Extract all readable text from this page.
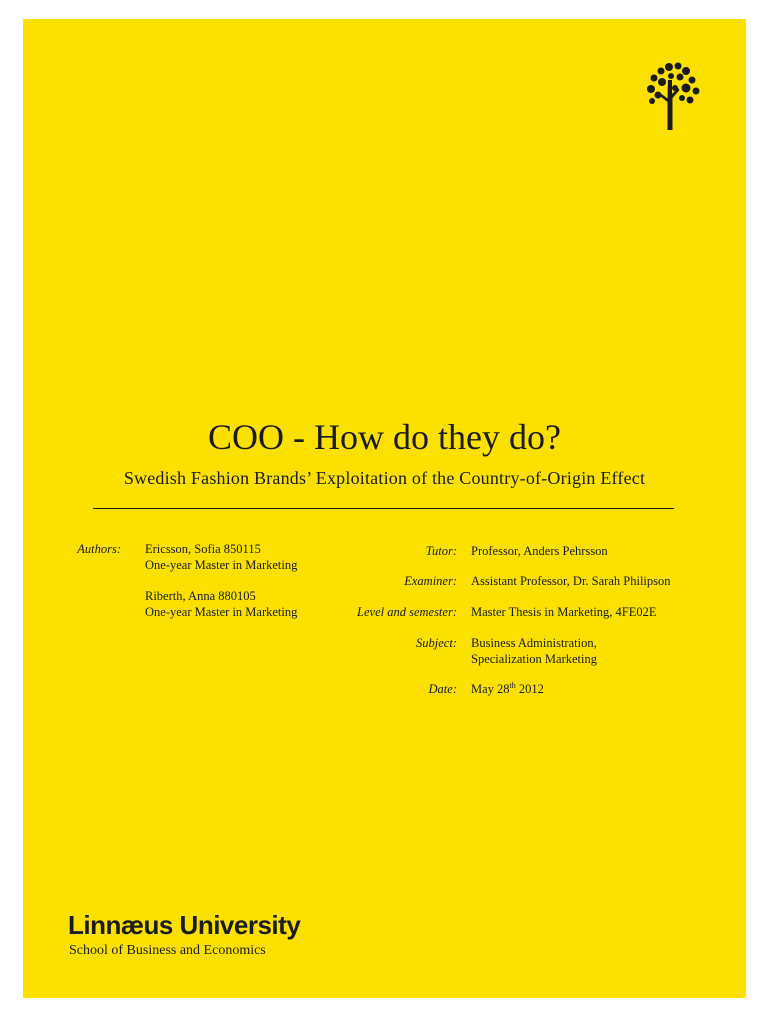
COO - How do they do?

Swedish Fashion Brands’ Exploitation of the Country-of-Origin Effect

Authors: Ericsson, Sofia 850115
One-year Master in Marketing
Riberth, Anna 880105
One-year Master in Marketing
Tutor: Professor, Anders Pehrsson
Examiner: Assistant Professor, Dr. Sarah Philipson
Level and semester: Master Thesis in Marketing, 4FE02E
Subject: Business Administration,
Specialization Marketing
Date: May 28th 2012
Linnæus University
School of Business and Economics
